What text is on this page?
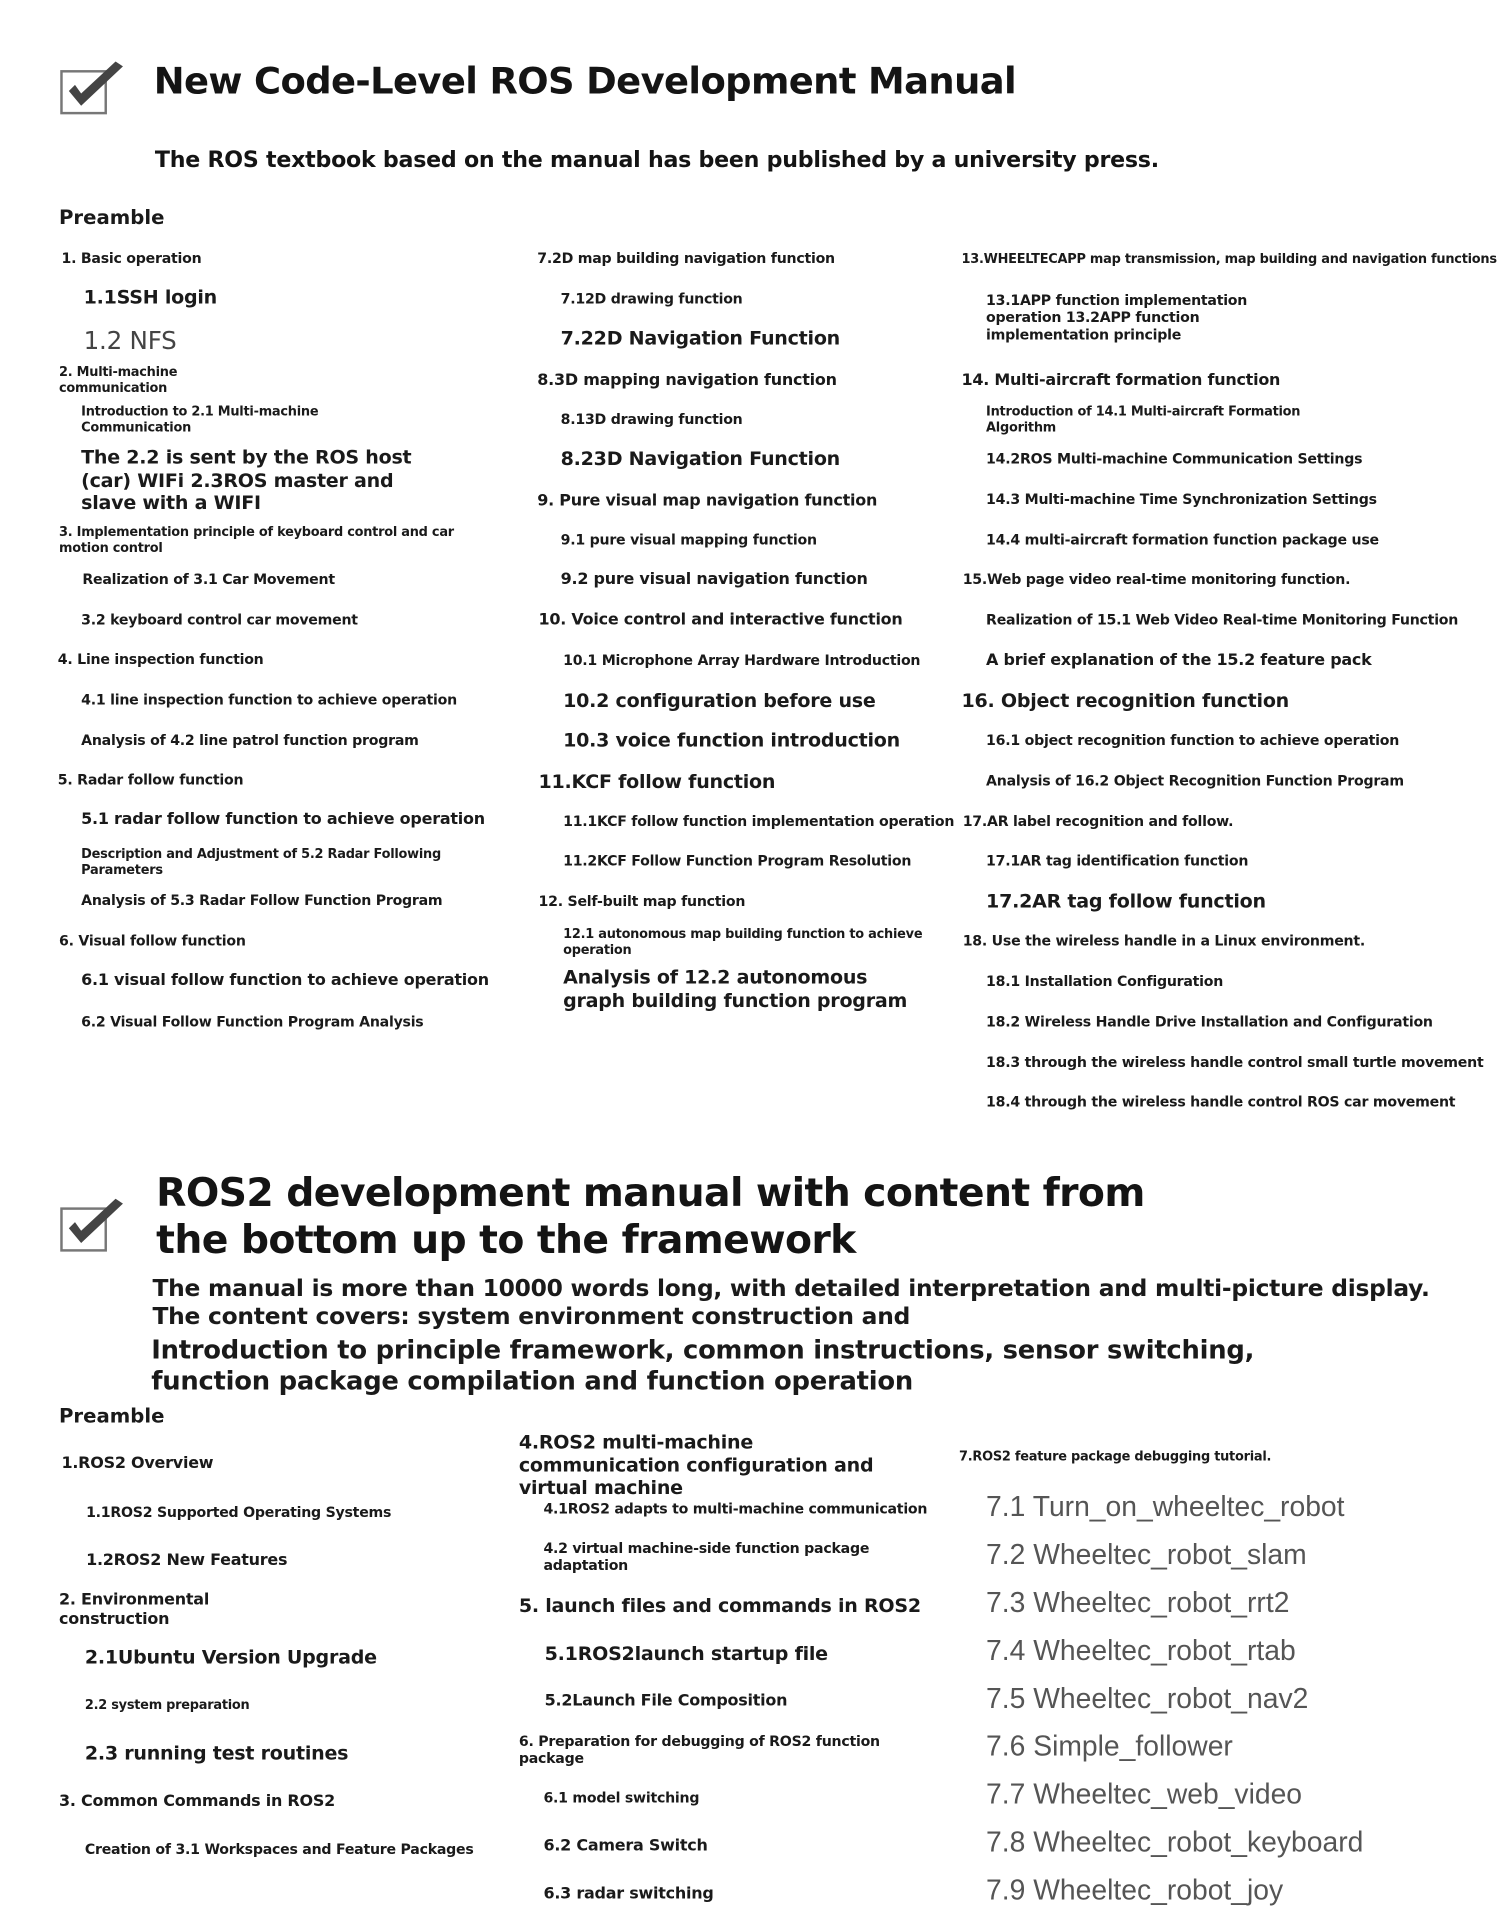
New Code-Level ROS Development Manual
The ROS textbook based on the manual has been published by a university press.
Preamble
1. Basic operation
1.1SSH login
1.2 NFS
2. Multi-machine communication
Introduction to 2.1 Multi-machine Communication
The 2.2 is sent by the ROS host (car) WIFi 2.3ROS master and slave with a WIFI
3. Implementation principle of keyboard control and car motion control
Realization of 3.1 Car Movement
3.2 keyboard control car movement
4. Line inspection function
4.1 line inspection function to achieve operation
Analysis of 4.2 line patrol function program
5. Radar follow function
5.1 radar follow function to achieve operation
Description and Adjustment of 5.2 Radar Following Parameters
Analysis of 5.3 Radar Follow Function Program
6. Visual follow function
6.1 visual follow function to achieve operation
6.2 Visual Follow Function Program Analysis
7.2D map building navigation function
7.12D drawing function
7.22D Navigation Function
8.3D mapping navigation function
8.13D drawing function
8.23D Navigation Function
9. Pure visual map navigation function
9.1 pure visual mapping function
9.2 pure visual navigation function
10. Voice control and interactive function
10.1 Microphone Array Hardware Introduction
10.2 configuration before use
10.3 voice function introduction
11.KCF follow function
11.1KCF follow function implementation operation
11.2KCF Follow Function Program Resolution
12. Self-built map function
12.1 autonomous map building function to achieve operation
Analysis of 12.2 autonomous graph building function program
13.WHEELTECAPP map transmission, map building and navigation functions
13.1APP function implementation operation 13.2APP function implementation principle
14. Multi-aircraft formation function
Introduction of 14.1 Multi-aircraft Formation Algorithm
14.2ROS Multi-machine Communication Settings
14.3 Multi-machine Time Synchronization Settings
14.4 multi-aircraft formation function package use
15.Web page video real-time monitoring function.
Realization of 15.1 Web Video Real-time Monitoring Function
A brief explanation of the 15.2 feature pack
16. Object recognition function
16.1 object recognition function to achieve operation
Analysis of 16.2 Object Recognition Function Program
17.AR label recognition and follow.
17.1AR tag identification function
17.2AR tag follow function
18. Use the wireless handle in a Linux environment.
18.1 Installation Configuration
18.2 Wireless Handle Drive Installation and Configuration
18.3 through the wireless handle control small turtle movement
18.4 through the wireless handle control ROS car movement
ROS2 development manual with content from the bottom up to the framework
The manual is more than 10000 words long, with detailed interpretation and multi-picture display. The content covers: system environment construction and
Introduction to principle framework, common instructions, sensor switching, function package compilation and function operation
Preamble
1.ROS2 Overview
1.1ROS2 Supported Operating Systems
1.2ROS2 New Features
2. Environmental construction
2.1Ubuntu Version Upgrade
2.2 system preparation
2.3 running test routines
3. Common Commands in ROS2
Creation of 3.1 Workspaces and Feature Packages
4.ROS2 multi-machine communication configuration and virtual machine
4.1ROS2 adapts to multi-machine communication
4.2 virtual machine-side function package adaptation
5. launch files and commands in ROS2
5.1ROS2launch startup file
5.2Launch File Composition
6. Preparation for debugging of ROS2 function package
6.1 model switching
6.2 Camera Switch
6.3 radar switching
7.ROS2 feature package debugging tutorial.
7.1 Turn_on_wheeltec_robot
7.2 Wheeltec_robot_slam
7.3 Wheeltec_robot_rrt2
7.4 Wheeltec_robot_rtab
7.5 Wheeltec_robot_nav2
7.6 Simple_follower
7.7 Wheeltec_web_video
7.8 Wheeltec_robot_keyboard
7.9 Wheeltec_robot_joy
